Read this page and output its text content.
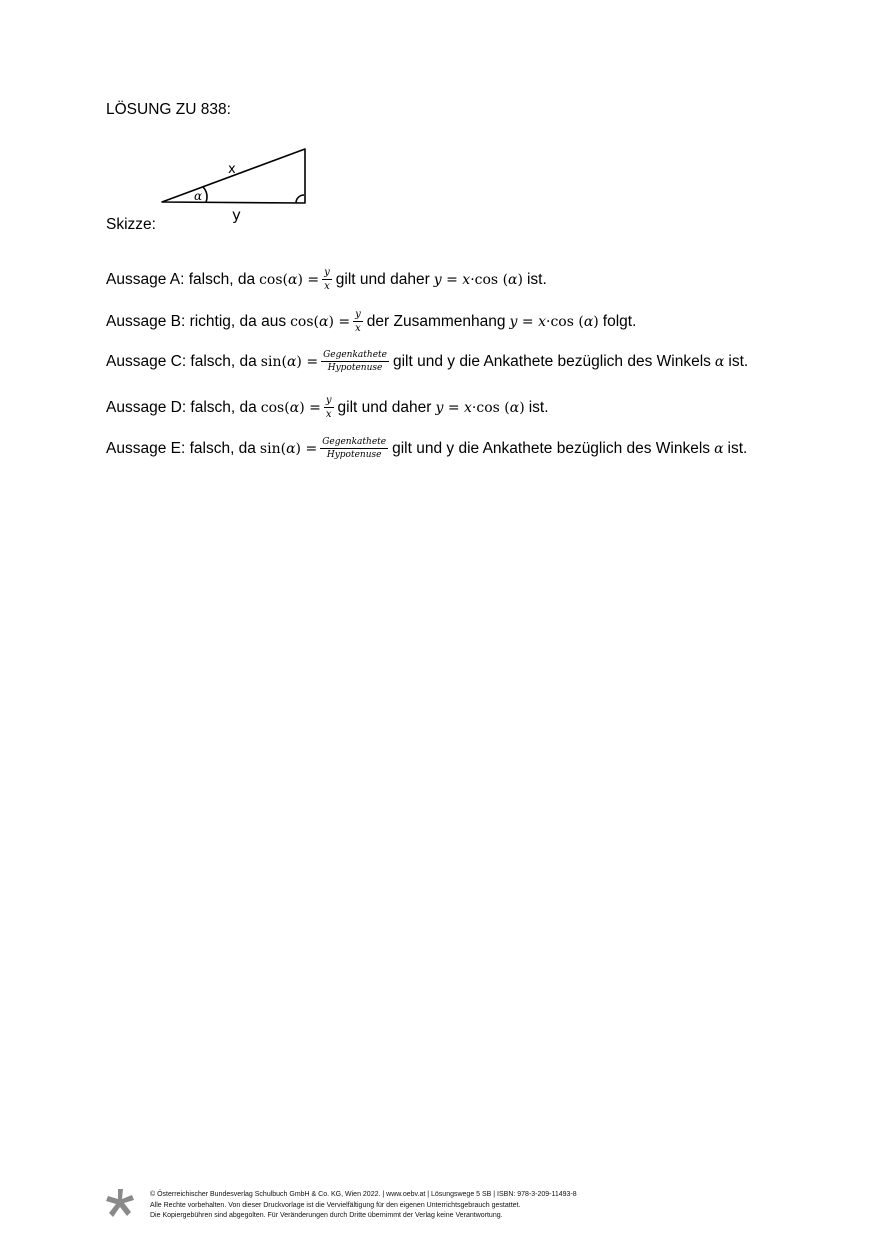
LÖSUNG ZU 838:
x
y
α
Skizze:
Aussage A: falsch, da $\cos(\alpha) = \frac{y}{x}$ gilt und daher y = x·cos (α) ist.
Aussage B: richtig, da aus $\cos(\alpha) = \frac{y}{x}$ der Zusammenhang y = x·cos (α) folgt.
Aussage C: falsch, da $\sin(\alpha) = \frac{\text{Gegenkathete}}{\text{Hypotenuse}}$ gilt und y die Ankathete bezüglich des Winkels α ist.
Aussage D: falsch, da $\cos(\alpha) = \frac{y}{x}$ gilt und daher y = x·cos (α) ist.
Aussage E: falsch, da $\sin(\alpha) = \frac{\text{Gegenkathete}}{\text{Hypotenuse}}$ gilt und y die Ankathete bezüglich des Winkels α ist.
© Österreichischer Bundesverlag Schulbuch GmbH & Co. KG, Wien 2022. | www.oebv.at | Lösungswege 5 SB | ISBN: 978-3-209-11493-8
Alle Rechte vorbehalten. Von dieser Druckvorlage ist die Vervielfältigung für den eigenen Unterrichtsgebrauch gestattet.
Die Kopiergebühren sind abgegolten. Für Veränderungen durch Dritte übernimmt der Verlag keine Verantwortung.
